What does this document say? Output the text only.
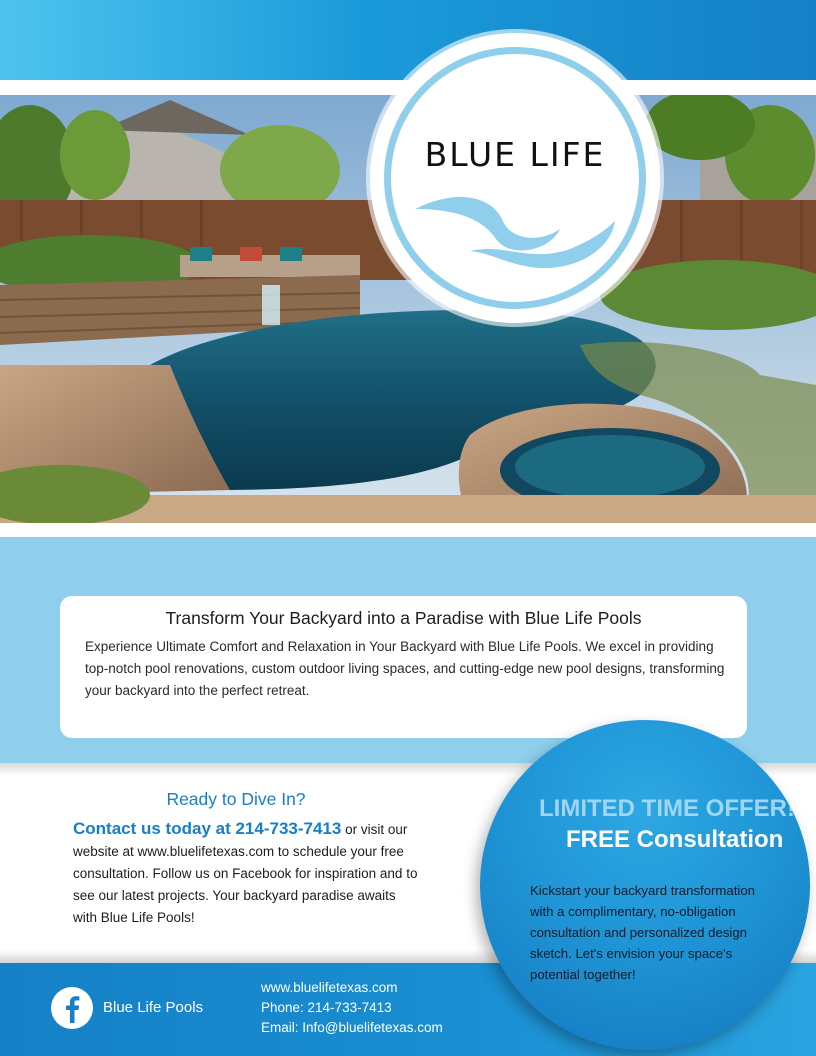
BLUE LIFE
Transform Your Backyard into a Paradise with Blue Life Pools
Experience Ultimate Comfort and Relaxation in Your Backyard with Blue Life Pools. We excel in providing top-notch pool renovations, custom outdoor living spaces, and cutting-edge new pool designs, transforming your backyard into the perfect retreat.
Ready to Dive In?
Contact us today at 214-733-7413 or visit our website at www.bluelifetexas.com to schedule your free consultation. Follow us on Facebook for inspiration and to see our latest projects. Your backyard paradise awaits with Blue Life Pools!
Blue Life Pools
www.bluelifetexas.com
Phone: 214-733-7413
Email: Info@bluelifetexas.com
LIMITED TIME OFFER!
FREE Consultation
Kickstart your backyard transformation with a complimentary, no-obligation consultation and personalized design sketch. Let's envision your space's potential together!
